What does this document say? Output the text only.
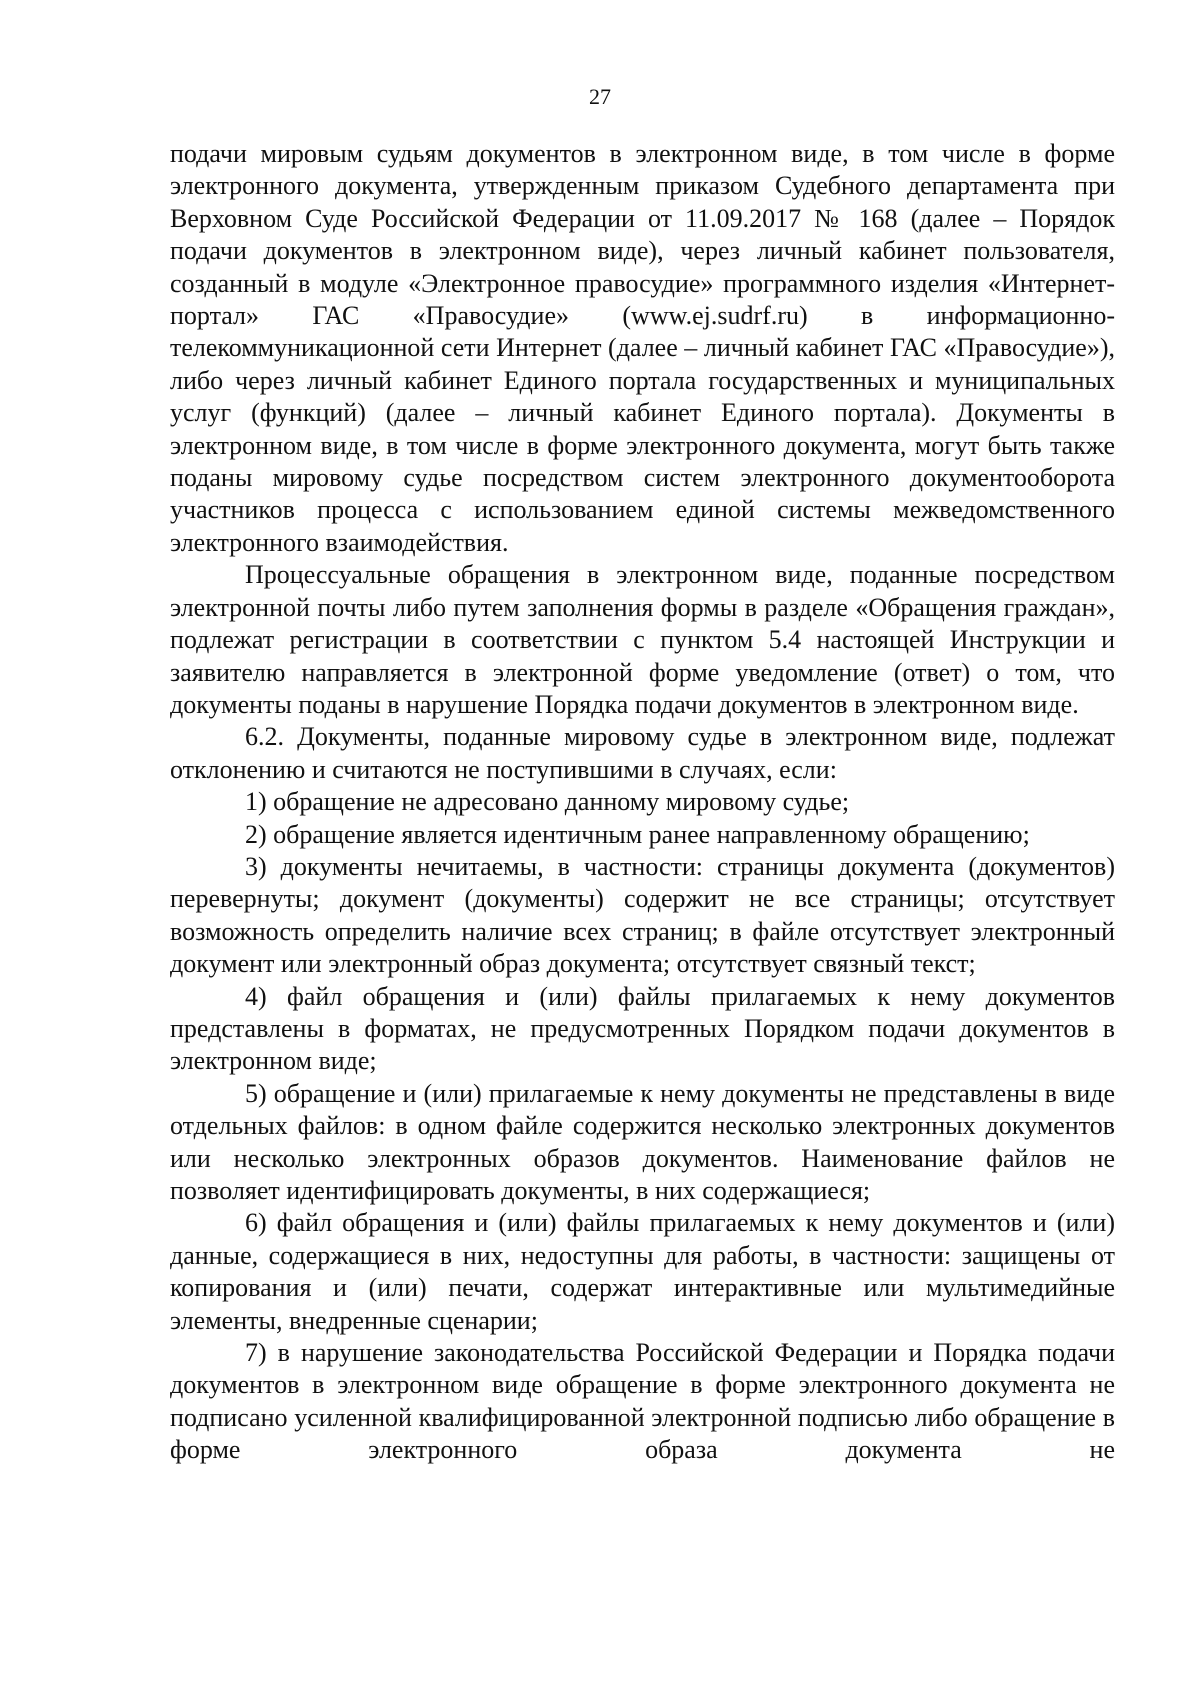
27

подачи мировым судьям документов в электронном виде, в том числе в форме электронного документа, утвержденным приказом Судебного департамента при Верховном Суде Российской Федерации от 11.09.2017 № 168 (далее – Порядок подачи документов в электронном виде), через личный кабинет пользователя, созданный в модуле «Электронное правосудие» программного изделия «Интернет-портал» ГАС «Правосудие» (www.ej.sudrf.ru) в информационно-телекоммуникационной сети Интернет (далее – личный кабинет ГАС «Правосудие»), либо через личный кабинет Единого портала государственных и муниципальных услуг (функций) (далее – личный кабинет Единого портала). Документы в электронном виде, в том числе в форме электронного документа, могут быть также поданы мировому судье посредством систем электронного документооборота участников процесса с использованием единой системы межведомственного электронного взаимодействия.

Процессуальные обращения в электронном виде, поданные посредством электронной почты либо путем заполнения формы в разделе «Обращения граждан», подлежат регистрации в соответствии с пунктом 5.4 настоящей Инструкции и заявителю направляется в электронной форме уведомление (ответ) о том, что документы поданы в нарушение Порядка подачи документов в электронном виде.

6.2. Документы, поданные мировому судье в электронном виде, подлежат отклонению и считаются не поступившими в случаях, если:

1) обращение не адресовано данному мировому судье;

2) обращение является идентичным ранее направленному обращению;

3) документы нечитаемы, в частности: страницы документа (документов) перевернуты; документ (документы) содержит не все страницы; отсутствует возможность определить наличие всех страниц; в файле отсутствует электронный документ или электронный образ документа; отсутствует связный текст;

4) файл обращения и (или) файлы прилагаемых к нему документов представлены в форматах, не предусмотренных Порядком подачи документов в электронном виде;

5) обращение и (или) прилагаемые к нему документы не представлены в виде отдельных файлов: в одном файле содержится несколько электронных документов или несколько электронных образов документов. Наименование файлов не позволяет идентифицировать документы, в них содержащиеся;

6) файл обращения и (или) файлы прилагаемых к нему документов и (или) данные, содержащиеся в них, недоступны для работы, в частности: защищены от копирования и (или) печати, содержат интерактивные или мультимедийные элементы, внедренные сценарии;

7) в нарушение законодательства Российской Федерации и Порядка подачи документов в электронном виде обращение в форме электронного документа не подписано усиленной квалифицированной электронной подписью либо обращение в форме электронного образа документа не
